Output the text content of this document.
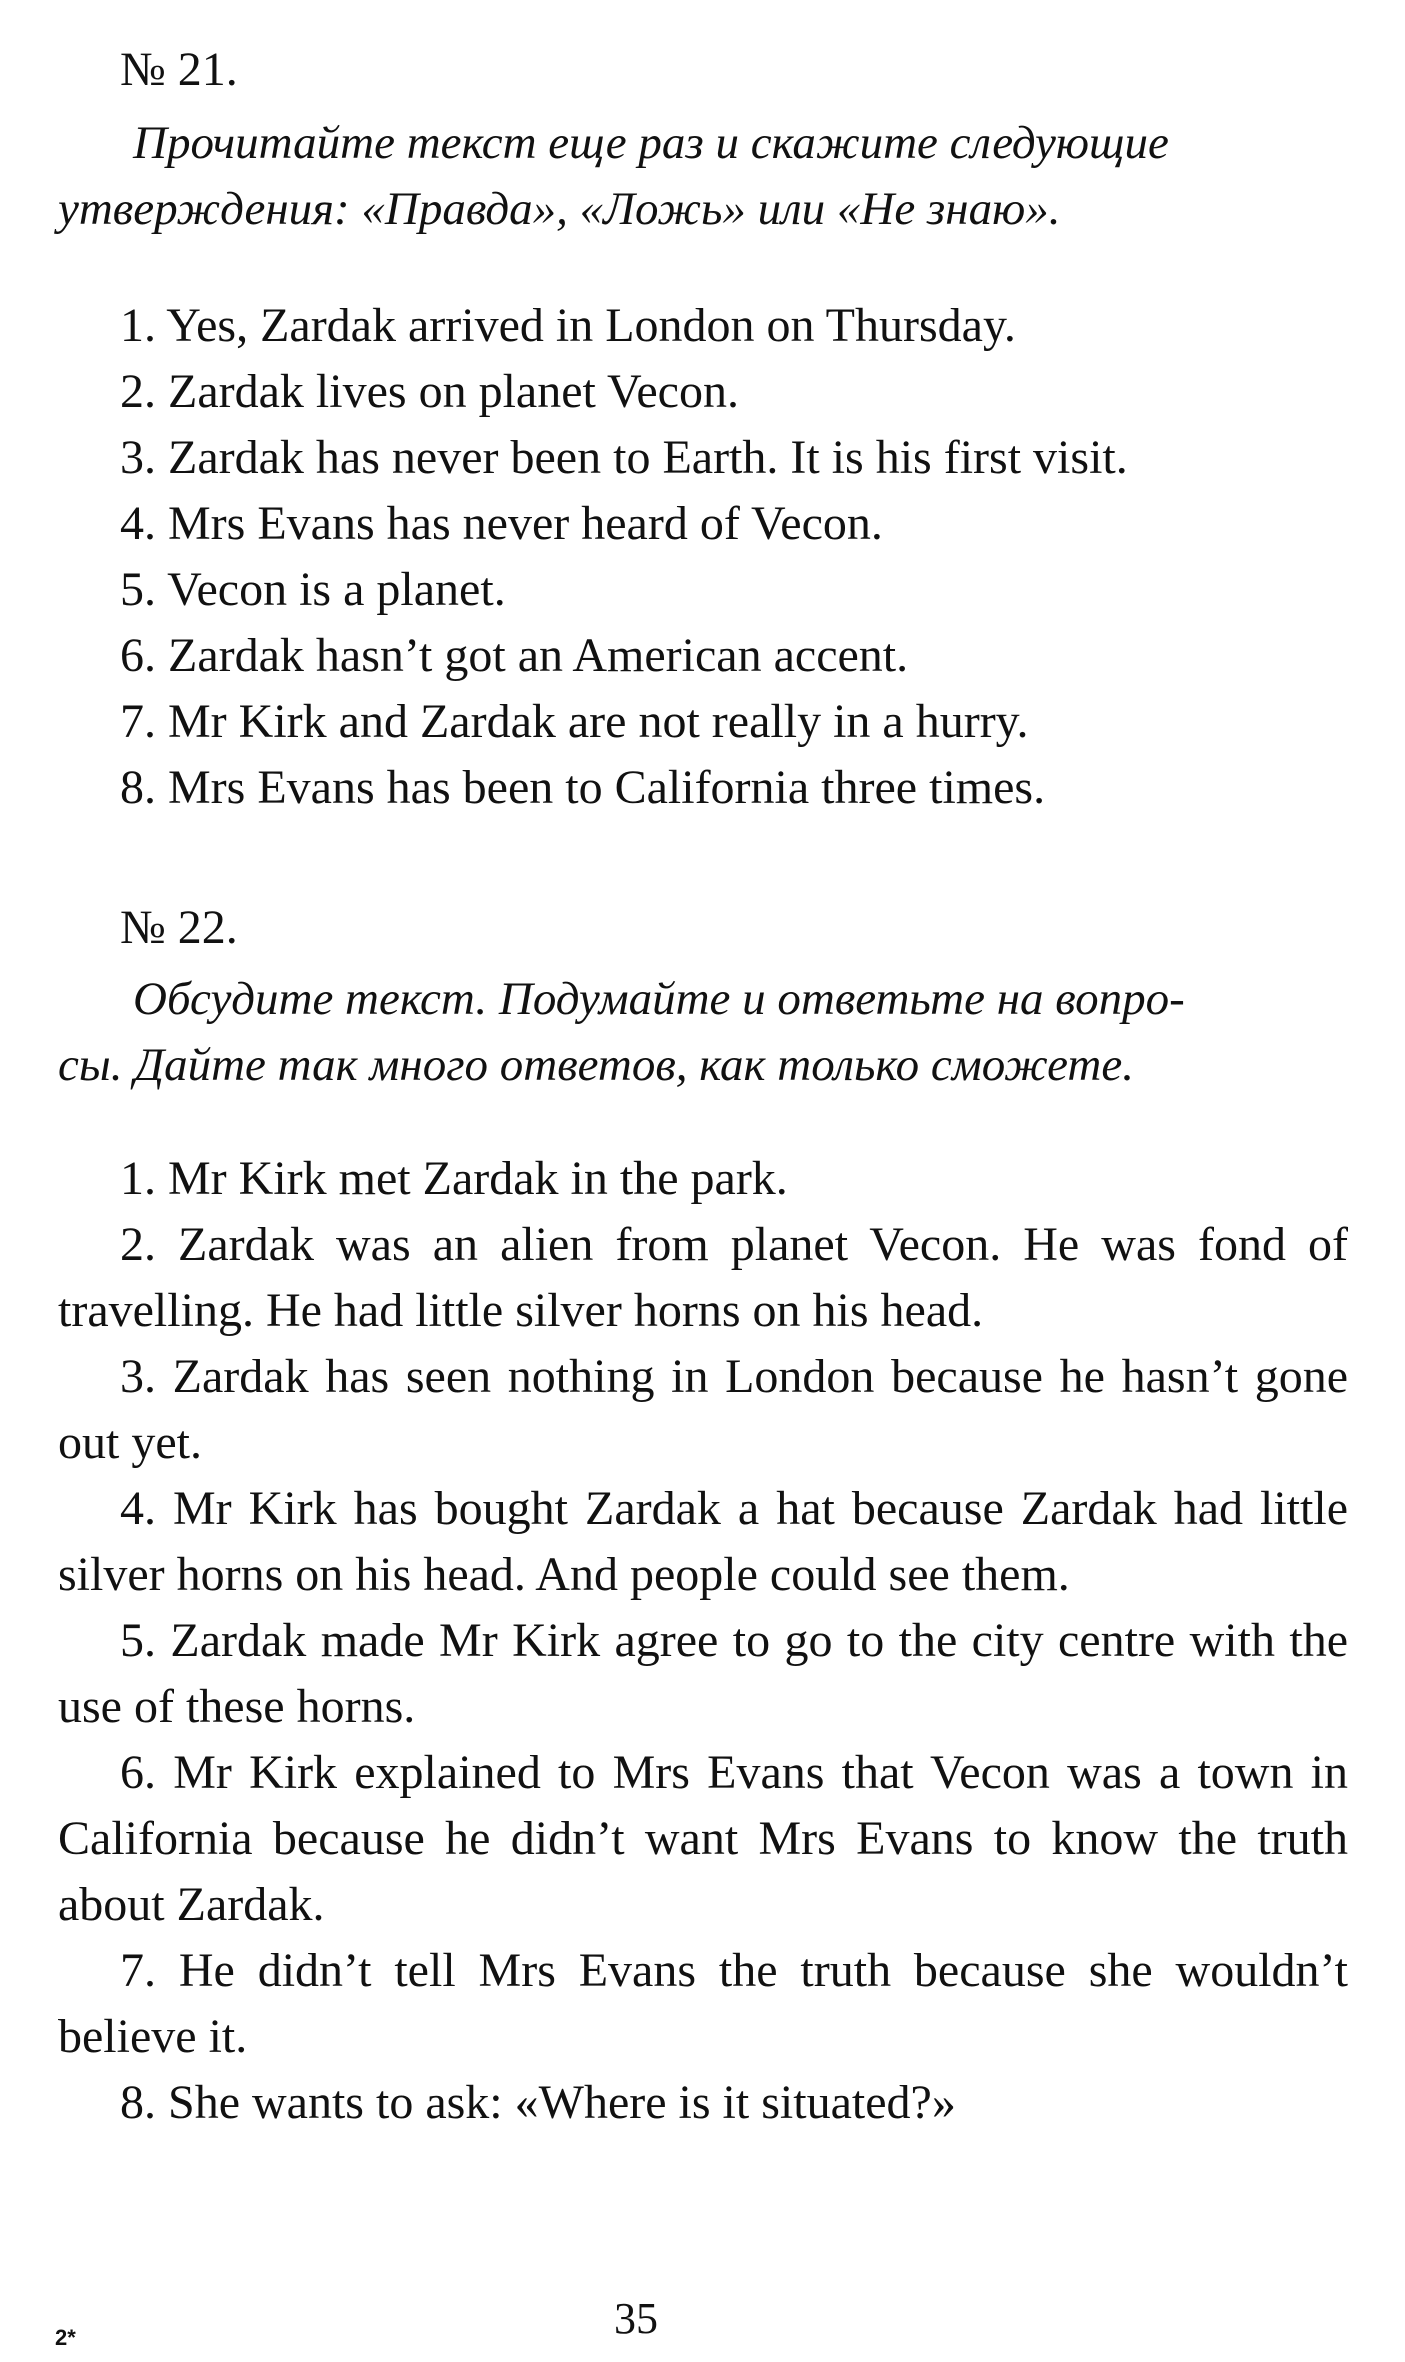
№ 21.
Прочитайте текст еще раз и скажите следующие
утверждения: «Правда», «Ложь» или «Не знаю».
1. Yes, Zardak arrived in London on Thursday.
2. Zardak lives on planet Vecon.
3. Zardak has never been to Earth. It is his first visit.
4. Mrs Evans has never heard of Vecon.
5. Vecon is a planet.
6. Zardak hasn’t got an American accent.
7. Mr Kirk and Zardak are not really in a hurry.
8. Mrs Evans has been to California three times.
№ 22.
Обсудите текст. Подумайте и ответьте на вопро-
сы. Дайте так много ответов, как только сможете.
1. Mr Kirk met Zardak in the park.
2. Zardak was an alien from planet Vecon. He was fond of travelling. He had little silver horns on his head.
3. Zardak has seen nothing in London because he hasn’t gone out yet.
4. Mr Kirk has bought Zardak a hat because Zardak had little silver horns on his head. And people could see them.
5. Zardak made Mr Kirk agree to go to the city centre with the use of these horns.
6. Mr Kirk explained to Mrs Evans that Vecon was a town in California because he didn’t want Mrs Evans to know the truth about Zardak.
7. He didn’t tell Mrs Evans the truth because she wouldn’t believe it.
8. She wants to ask: «Where is it situated?»
35
2*
